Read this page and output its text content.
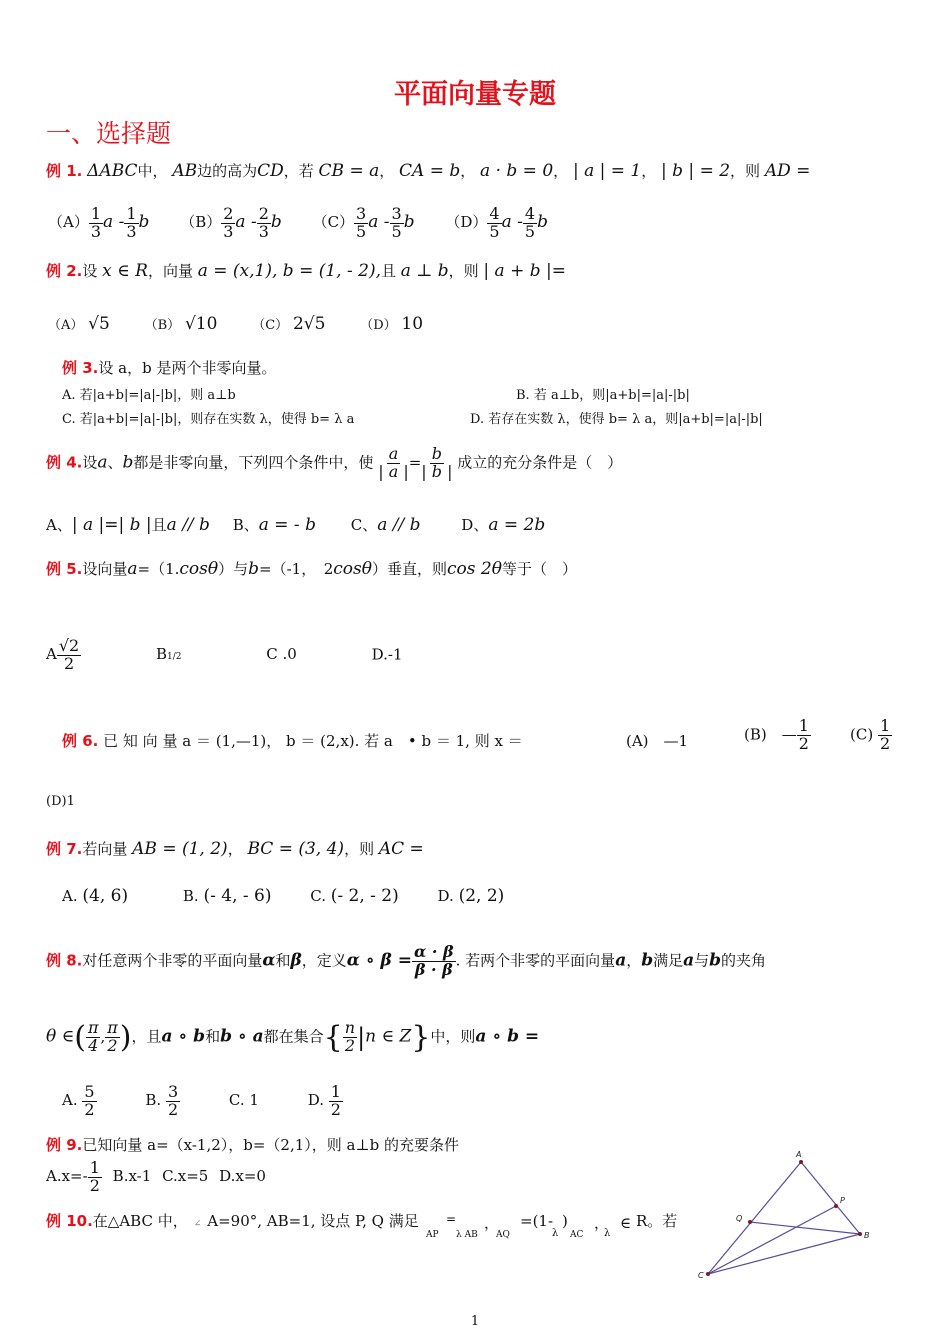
平面向量专题
一、选择题
例 1. ΔABC中， AB边的高为CD，若 CB = a， CA = b， a · b = 0， | a | = 1， | b | = 2，则 AD =
$(A) \frac{1}{3}$ a - $\frac{1}{3}$ b $(B) \frac{2}{3}$ a - $\frac{2}{3}$ b $(C) \frac{3}{5}$ a - $\frac{3}{5}$ b $(D) \frac{4}{5}$ a - $\frac{4}{5}$ b
例 2.设 x ∈ R，向量 a = (x,1), b = (1, - 2),且 a ⊥ b，则 | a + b |=
（A） √5	（B） √10	（C） 2√5	（D） 10
例 3.设 a，b 是两个非零向量。
A. 若|a+b|=|a|-|b|，则 a⊥b	B. 若 a⊥b，则|a+b|=|a|-|b|
C. 若|a+b|=|a|-|b|，则存在实数 λ，使得 b= λ a	D. 若存在实数 λ，使得 b= λ a，则|a+b|=|a|-|b|
例 4.设a、b都是非零向量，下列四个条件中，使 $\frac{a}{| a |} = \frac{b}{| b |}$ 成立的充分条件是（　）
A、| a |=| b |且a // b B、a = - b C、a // b	D、a = 2b
例 5.设向量a=（1.cosθ）与b=（-1，　2cosθ）垂直，则cos 2θ等于（　）
A $\frac{√2}{2}$	B1/2	C .0	D.-1
例 6. 已 知 向 量 a ＝ (1,—1)， b ＝ (2,x). 若 a　• b ＝ 1, 则 x ＝	(A)　—1	(B)　— $\frac{1}{2}$	$(C) \frac{1}{2}$
(D)1
例 7.若向量 AB = (1, 2)， BC = (3, 4)，则 AC =
A. (4, 6)	B. (- 4, - 6)	C. (- 2, - 2)	D. (2, 2)
例 8.对任意两个非零的平面向量α和β，定义α ∘ $\beta = \frac{\alpha \cdot \beta}{\beta \cdot \beta}$ . 若两个非零的平面向量a，b满足a与b的夹角
θ ∈( $\frac{\pi}{4}$ , $\frac{\pi}{2}$ )，且a ∘ b和b ∘ a都在集合{ $\frac{n}{2} |n$ ∈ Z}中，则a ∘ b =
A. $\frac{5}{2}$	B. $\frac{3}{2}$	C. 1	D. $\frac{1}{2}$
例 9.已知向量 a=（x-1,2），b=（2,1），则 a⊥b 的充要条件
$A.x=- \frac{1}{2} B.x-1$ C.x=5 D.x=0
例 10.在△ABC 中， ∠ A=90°, AB=1, 设点 P, Q 满足 =
AP λ AB
，
AQ
=(1-
λ
)
AC
，
λ
∈ R。若
A
P
Q
B
C
1
